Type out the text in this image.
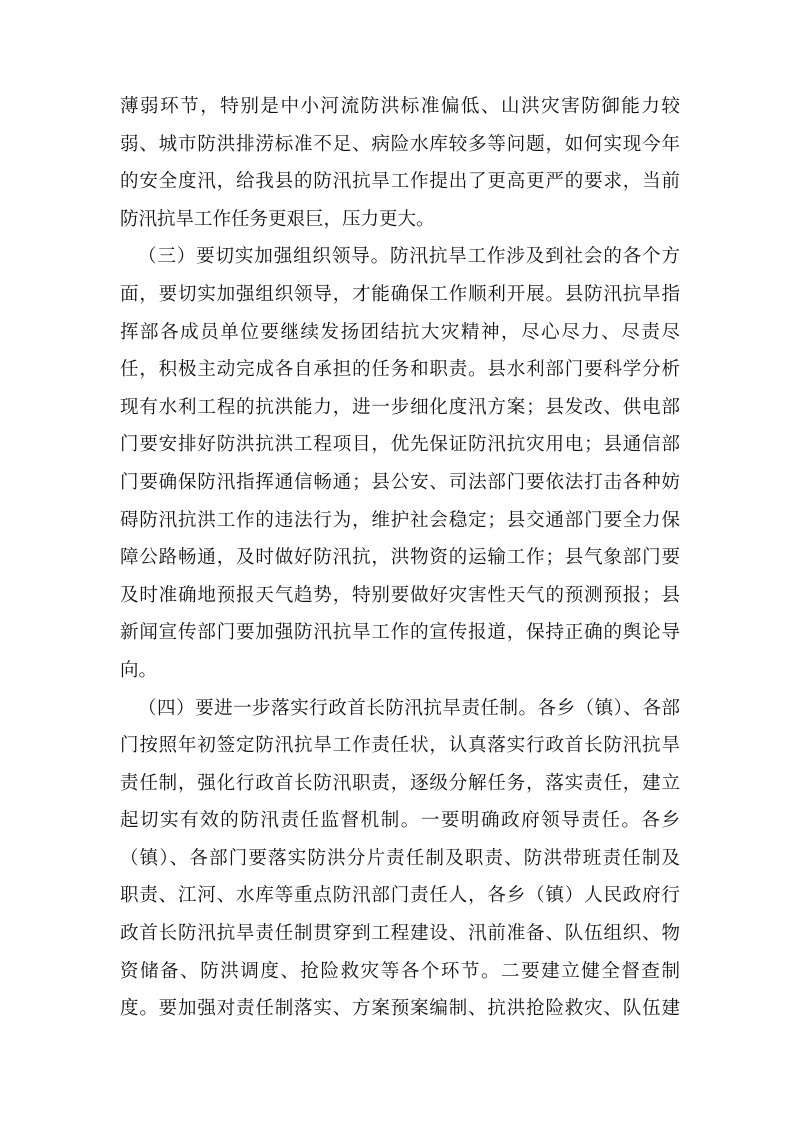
薄弱环节，特别是中小河流防洪标准偏低、山洪灾害防御能力较
弱、城市防洪排涝标准不足、病险水库较多等问题，如何实现今年
的安全度汛，给我县的防汛抗旱工作提出了更高更严的要求，当前
防汛抗旱工作任务更艰巨，压力更大。
（三）要切实加强组织领导。防汛抗旱工作涉及到社会的各个方
面，要切实加强组织领导，才能确保工作顺利开展。县防汛抗旱指
挥部各成员单位要继续发扬团结抗大灾精神，尽心尽力、尽责尽
任，积极主动完成各自承担的任务和职责。县水利部门要科学分析
现有水利工程的抗洪能力，进一步细化度汛方案；县发改、供电部
门要安排好防洪抗洪工程项目，优先保证防汛抗灾用电；县通信部
门要确保防汛指挥通信畅通；县公安、司法部门要依法打击各种妨
碍防汛抗洪工作的违法行为，维护社会稳定；县交通部门要全力保
障公路畅通，及时做好防汛抗，洪物资的运输工作；县气象部门要
及时准确地预报天气趋势，特别要做好灾害性天气的预测预报；县
新闻宣传部门要加强防汛抗旱工作的宣传报道，保持正确的舆论导
向。
（四）要进一步落实行政首长防汛抗旱责任制。各乡（镇）、各部
门按照年初签定防汛抗旱工作责任状，认真落实行政首长防汛抗旱
责任制，强化行政首长防汛职责，逐级分解任务，落实责任，建立
起切实有效的防汛责任监督机制。一要明确政府领导责任。各乡
（镇）、各部门要落实防洪分片责任制及职责、防洪带班责任制及
职责、江河、水库等重点防汛部门责任人，各乡（镇）人民政府行
政首长防汛抗旱责任制贯穿到工程建设、汛前准备、队伍组织、物
资储备、防洪调度、抢险救灾等各个环节。二要建立健全督查制
度。要加强对责任制落实、方案预案编制、抗洪抢险救灾、队伍建
